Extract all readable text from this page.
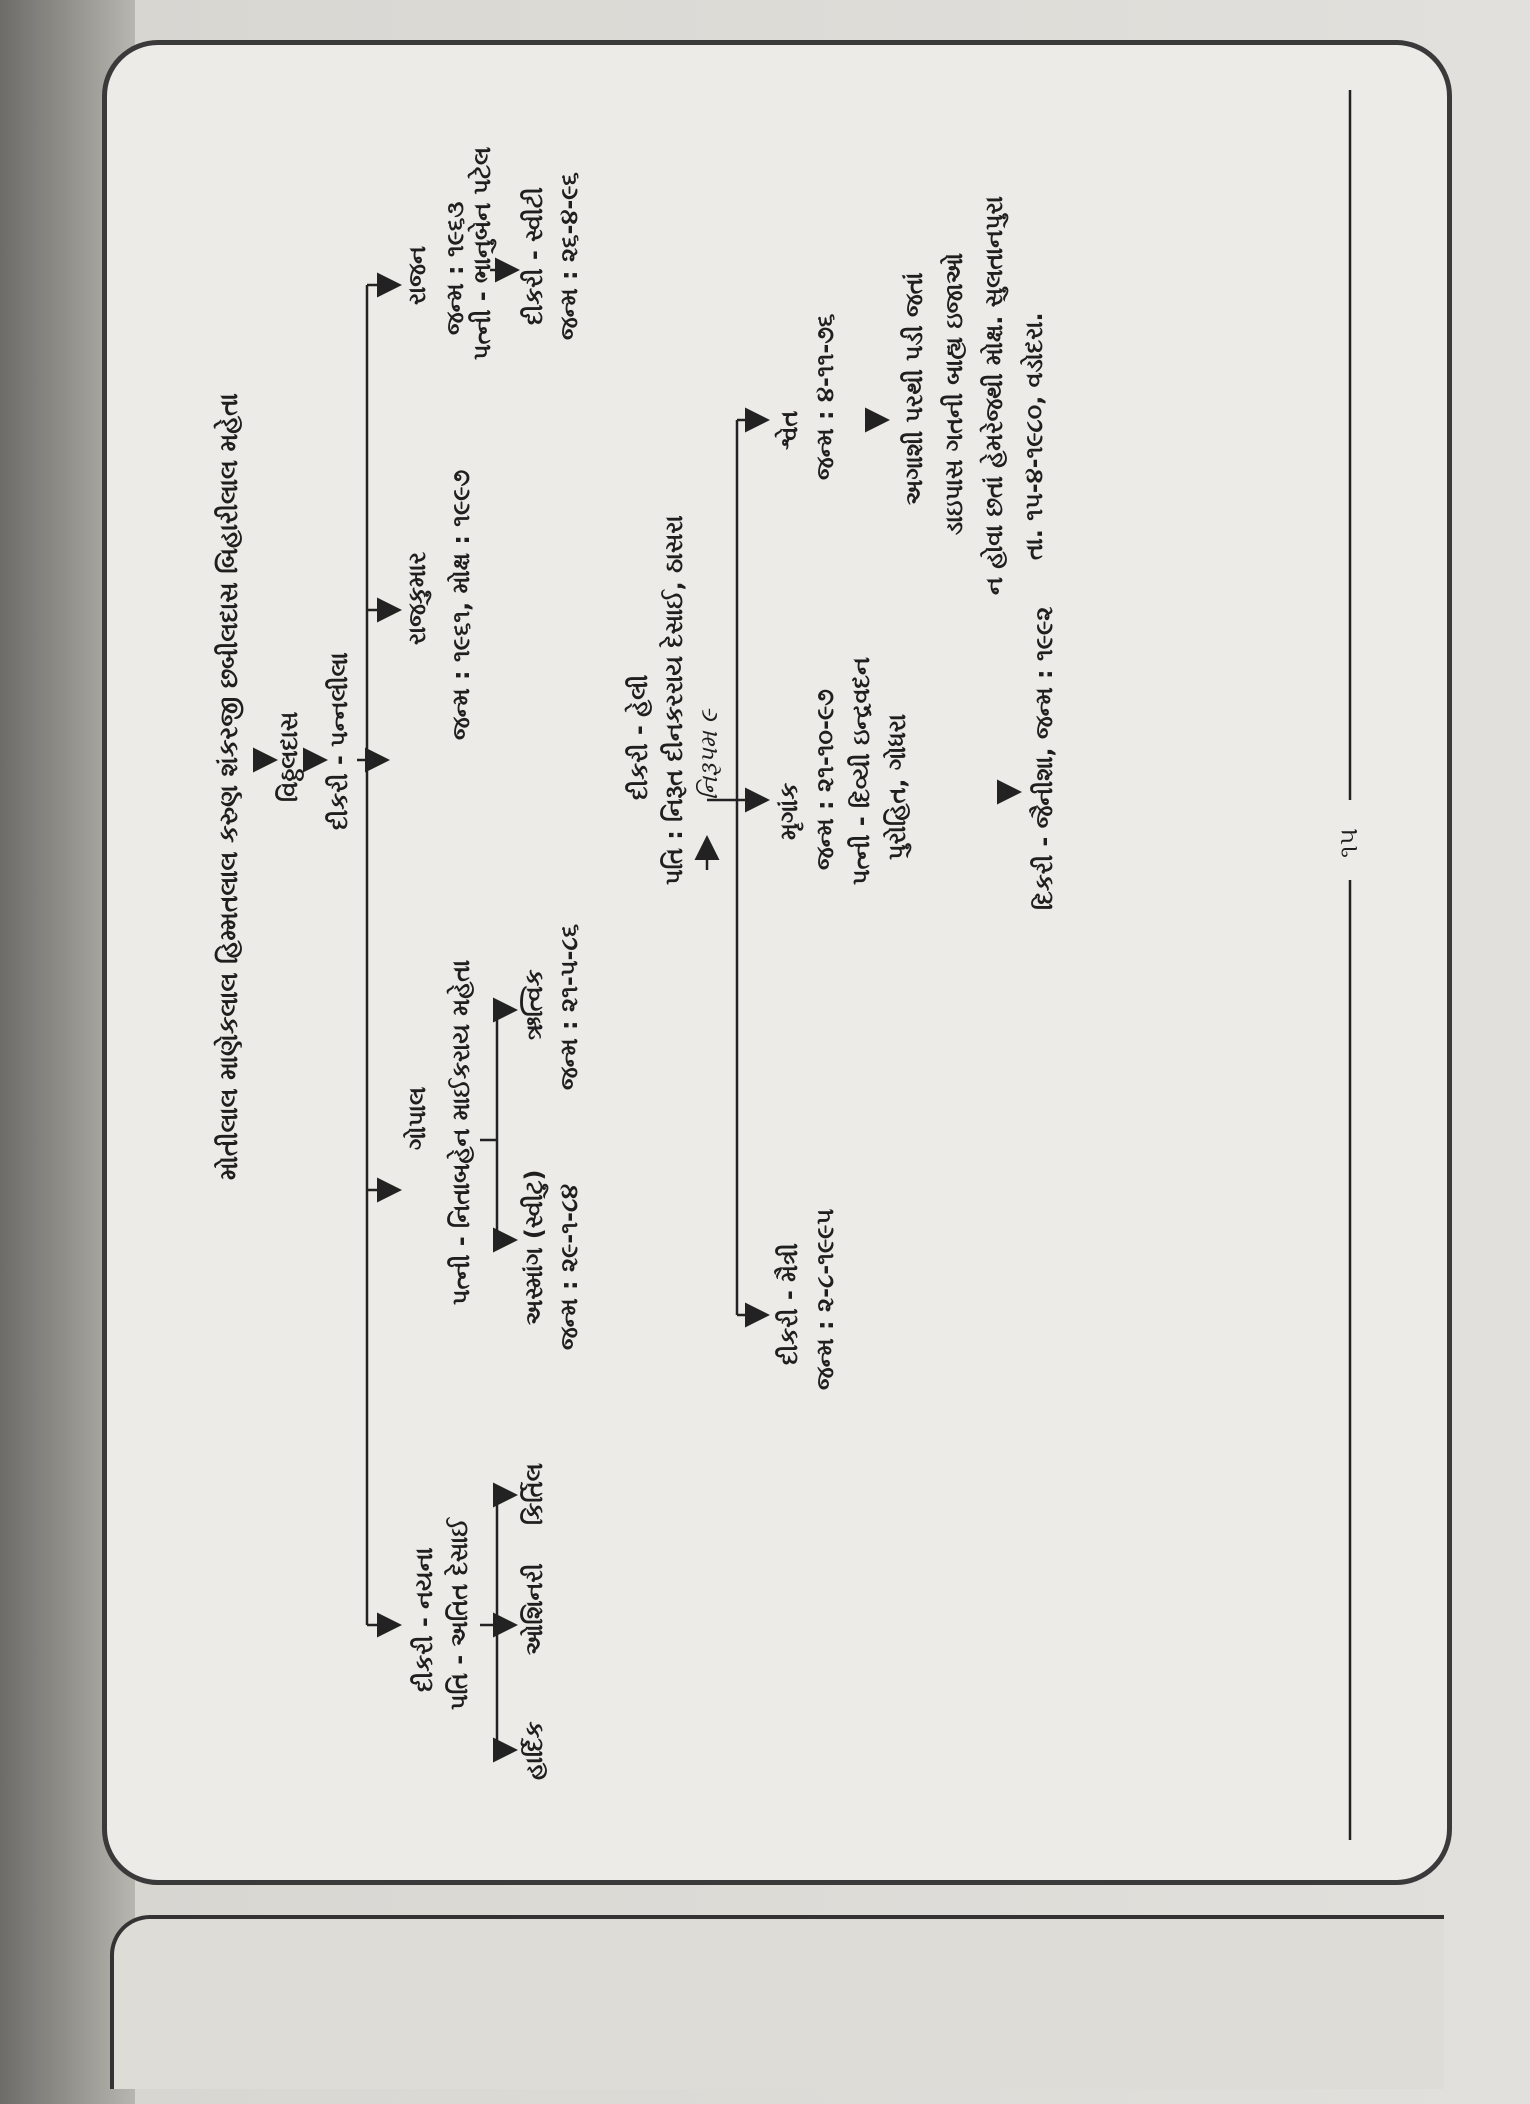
મોતીલાલ માણેકલાલ હિમ્મતલાલ કરુણ શંકરજી છબીલદાસ બિહારીલાલ મહેતા વિઠ્ઠલદાસ દીકરી - પન્નલીલા
દીકરી - નયના પતિ - અતિત દેસાઈ
હાર્દિક
ઓશિનરી
કિર્તિલ
ગોપાલ પત્ની - નિતાબહેન માઈકરાય મહેતા અસ્માંગ (સ્વીટુ) જન્મ : ૨૯-૧-૮૪
ઋત્વિક જન્મ : ૨૧-૫-૮૬
રાજકુમાર જન્મ : ૧૯૬૧, મોક્ષ : ૧૯૯૭
રાજન જન્મ : ૧૯૬૩ પત્ની - ભાનુબેન પટેલ દીકરી - સ્વીટી જન્મ : ૨૬-૪-૯૬
દીકરી - હેલી પતિ : નિરૂત દીનકરરાય દેસાઈ, ઠાસરા નિરૂપમ ૯
દીકરી - મૈત્રી જન્મ : ૨-૮-૧૯૯૫
મૃગાંક જન્મ : ૨૧-૧૦-૯૭ પત્ની - દિવ્યી ઇન્દ્રવદન પુરોહિત, ગોધરા	દિકરી - જૈનીશા, જન્મ : ૧૯૯૨
શ્વેત જન્મ : ૪-૧૧-૭૬	અગાશી પરથી પડી જતાં ડાઇપાસ ગતની બાહ્ય ઇજાઓ ન હોવા છતાં હેમરેજથી મોક્ષ. સુલતાનપુરા તા. ૧૫-૪-૧૯૮૦, વડોદરા.
૧૫
